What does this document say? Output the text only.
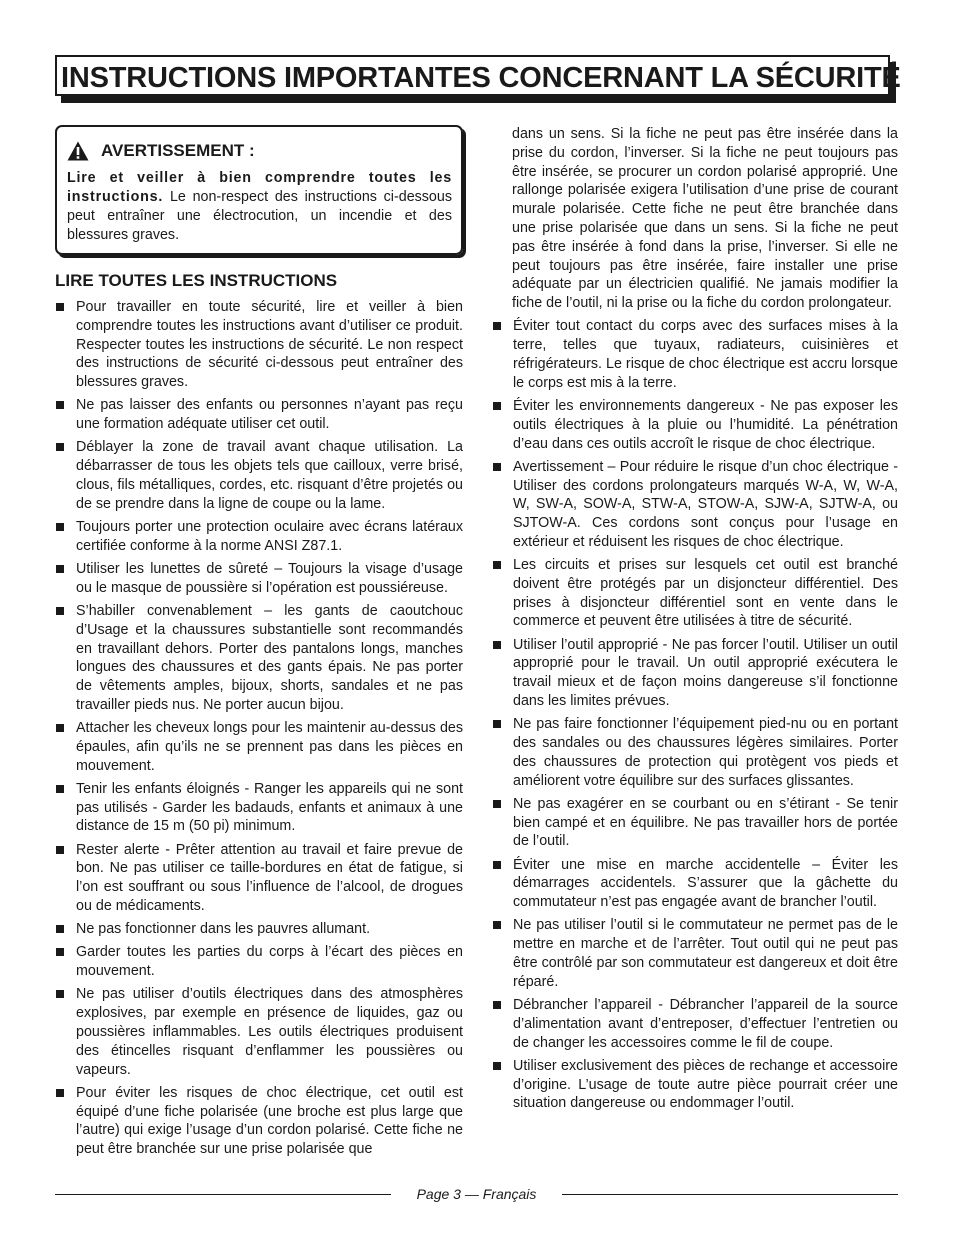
INSTRUCTIONS IMPORTANTES CONCERNANT LA SÉCURITÉ
AVERTISSEMENT :
Lire et veiller à bien comprendre toutes les instructions. Le non-respect des instructions ci-dessous peut entraîner une électrocution, un incendie et des blessures graves.
LIRE TOUTES LES INSTRUCTIONS
Pour travailler en toute sécurité, lire et veiller à bien comprendre toutes les instructions avant d’utiliser ce produit. Respecter toutes les instructions de sécurité. Le non respect des instructions de sécurité ci-dessous peut entraîner des blessures graves.
Ne pas laisser des enfants ou personnes n’ayant pas reçu une formation adéquate utiliser cet outil.
Déblayer la zone de travail avant chaque utilisation. La débarrasser de tous les objets tels que cailloux, verre brisé, clous, fils métalliques, cordes, etc. risquant d’être projetés ou de se prendre dans la ligne de coupe ou la lame.
Toujours porter une protection oculaire avec écrans latéraux certifiée conforme à la norme ANSI Z87.1.
Utiliser les lunettes de sûreté – Toujours la visage d’usage ou le masque de poussière si l’opération est poussiéreuse.
S’habiller convenablement – les gants de caoutchouc d’Usage et la chaussures substantielle sont recommandés en travaillant dehors. Porter des pantalons longs, manches longues des chaussures et des gants épais. Ne pas porter de vêtements amples, bijoux, shorts, sandales et ne pas travailler pieds nus. Ne porter aucun bijou.
Attacher les cheveux longs pour les maintenir au-dessus des épaules, afin qu’ils ne se prennent pas dans les pièces en mouvement.
Tenir les enfants éloignés - Ranger les appareils qui ne sont pas utilisés - Garder les badauds, enfants et animaux à une distance de 15 m (50 pi) minimum.
Rester alerte - Prêter attention au travail et faire prevue de bon. Ne pas utiliser ce taille-bordures en état de fatigue, si l’on est souffrant ou sous l’influence de l’alcool, de drogues ou de médicaments.
Ne pas fonctionner dans les pauvres allumant.
Garder toutes les parties du corps à l’écart des pièces en mouvement.
Ne pas utiliser d’outils électriques dans des atmosphères explosives, par exemple en présence de liquides, gaz ou poussières inflammables. Les outils électriques produisent des étincelles risquant d’enflammer les poussières ou vapeurs.
Pour éviter les risques de choc électrique, cet outil est équipé d’une fiche polarisée (une broche est plus large que l’autre) qui exige l’usage d’un cordon polarisé. Cette fiche ne peut être branchée sur une prise polarisée que
dans un sens. Si la fiche ne peut pas être insérée dans la prise du cordon, l’inverser. Si la fiche ne peut toujours pas être insérée, se procurer un cordon polarisé approprié. Une rallonge polarisée exigera l’utilisation d’une prise de courant murale polarisée. Cette fiche ne peut être branchée dans une prise polarisée que dans un sens. Si la fiche ne peut pas être insérée à fond dans la prise, l’inverser. Si elle ne peut toujours pas être insérée, faire installer une prise adéquate par un électricien qualifié. Ne jamais modifier la fiche de l’outil, ni la prise ou la fiche du cordon prolongateur.
Éviter tout contact du corps avec des surfaces mises à la terre, telles que tuyaux, radiateurs, cuisinières et réfrigérateurs. Le risque de choc électrique est accru lorsque le corps est mis à la terre.
Éviter les environnements dangereux - Ne pas exposer les outils électriques à la pluie ou l’humidité. La pénétration d’eau dans ces outils accroît le risque de choc électrique.
Avertissement – Pour réduire le risque d’un choc électrique - Utiliser des cordons prolongateurs marqués W-A, W, W-A, W, SW-A, SOW-A, STW-A, STOW-A, SJW-A, SJTW-A, ou SJTOW-A. Ces cordons sont conçus pour l’usage en extérieur et réduisent les risques de choc électrique.
Les circuits et prises sur lesquels cet outil est branché doivent être protégés par un disjoncteur différentiel. Des prises à disjoncteur différentiel sont en vente dans le commerce et peuvent être utilisées à titre de sécurité.
Utiliser l’outil approprié - Ne pas forcer l’outil. Utiliser un outil approprié pour le travail. Un outil approprié exécutera le travail mieux et de façon moins dangereuse s’il fonctionne dans les limites prévues.
Ne pas faire fonctionner l’équipement pied-nu ou en portant des sandales ou des chaussures légères similaires. Porter des chaussures de protection qui protègent vos pieds et améliorent votre équilibre sur des surfaces glissantes.
Ne pas exagérer en se courbant ou en s’étirant - Se tenir bien campé et en équilibre. Ne pas travailler hors de portée de l’outil.
Éviter une mise en marche accidentelle – Éviter les démarrages accidentels. S’assurer que la gâchette du commutateur n’est pas engagée avant de brancher l’outil.
Ne pas utiliser l’outil si le commutateur ne permet pas de le mettre en marche et de l’arrêter. Tout outil qui ne peut pas être contrôlé par son commutateur est dangereux et doit être réparé.
Débrancher l’appareil - Débrancher l’appareil de la source d’alimentation avant d’entreposer, d’effectuer l’entretien ou de changer les accessoires comme le fil de coupe.
Utiliser exclusivement des pièces de rechange et accessoire d’origine. L’usage de toute autre pièce pourrait créer une situation dangereuse ou endommager l’outil.
Page 3 — Français
